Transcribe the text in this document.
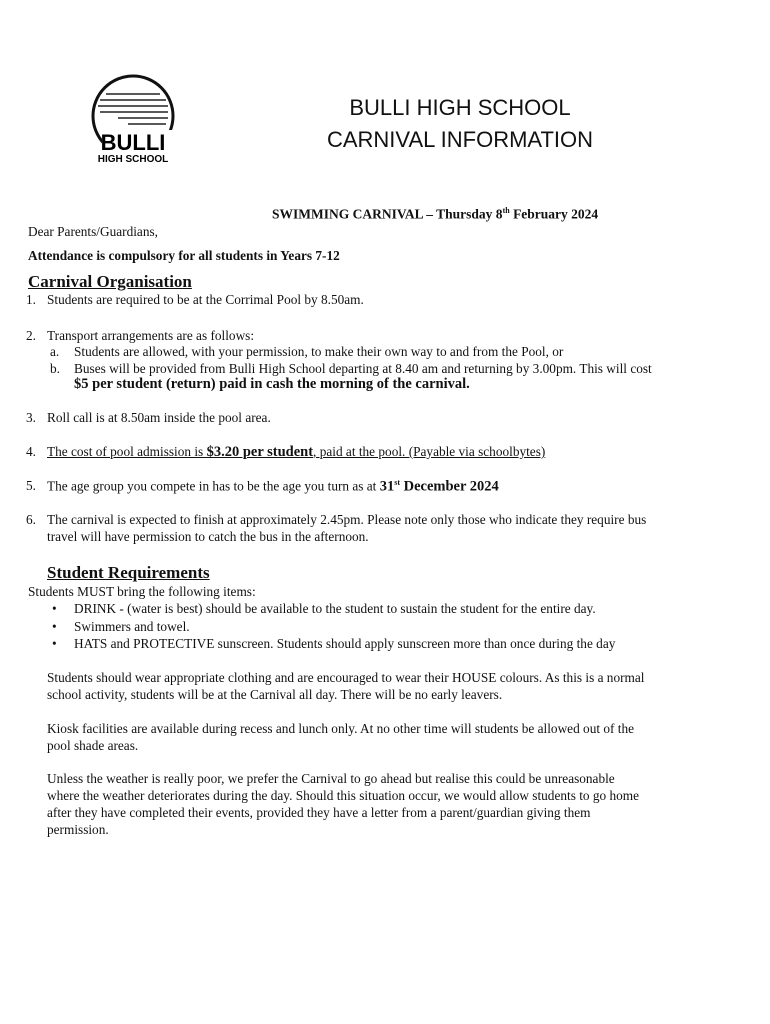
BULLI
HIGH SCHOOL
BULLI HIGH SCHOOL
CARNIVAL INFORMATION
SWIMMING CARNIVAL – Thursday 8th February 2024
Dear Parents/Guardians,
Attendance is compulsory for all students in Years 7-12
Carnival Organisation
1. Students are required to be at the Corrimal Pool by 8.50am.
2. Transport arrangements are as follows:
a. Students are allowed, with your permission, to make their own way to and from the Pool, or
b. Buses will be provided from Bulli High School departing at 8.40 am and returning by 3.00pm. This will cost
$5 per student (return) paid in cash the morning of the carnival.
3. Roll call is at 8.50am inside the pool area.
4. The cost of pool admission is $3.20 per student, paid at the pool. (Payable via schoolbytes)
5. The age group you compete in has to be the age you turn as at 31st December 2024
6. The carnival is expected to finish at approximately 2.45pm. Please note only those who indicate they require bus
travel will have permission to catch the bus in the afternoon.
Student Requirements
Students MUST bring the following items:
• DRINK - (water is best) should be available to the student to sustain the student for the entire day.
• Swimmers and towel.
• HATS and PROTECTIVE sunscreen. Students should apply sunscreen more than once during the day
Students should wear appropriate clothing and are encouraged to wear their HOUSE colours. As this is a normal
school activity, students will be at the Carnival all day. There will be no early leavers.
Kiosk facilities are available during recess and lunch only. At no other time will students be allowed out of the
pool shade areas.
Unless the weather is really poor, we prefer the Carnival to go ahead but realise this could be unreasonable
where the weather deteriorates during the day. Should this situation occur, we would allow students to go home
after they have completed their events, provided they have a letter from a parent/guardian giving them
permission.
